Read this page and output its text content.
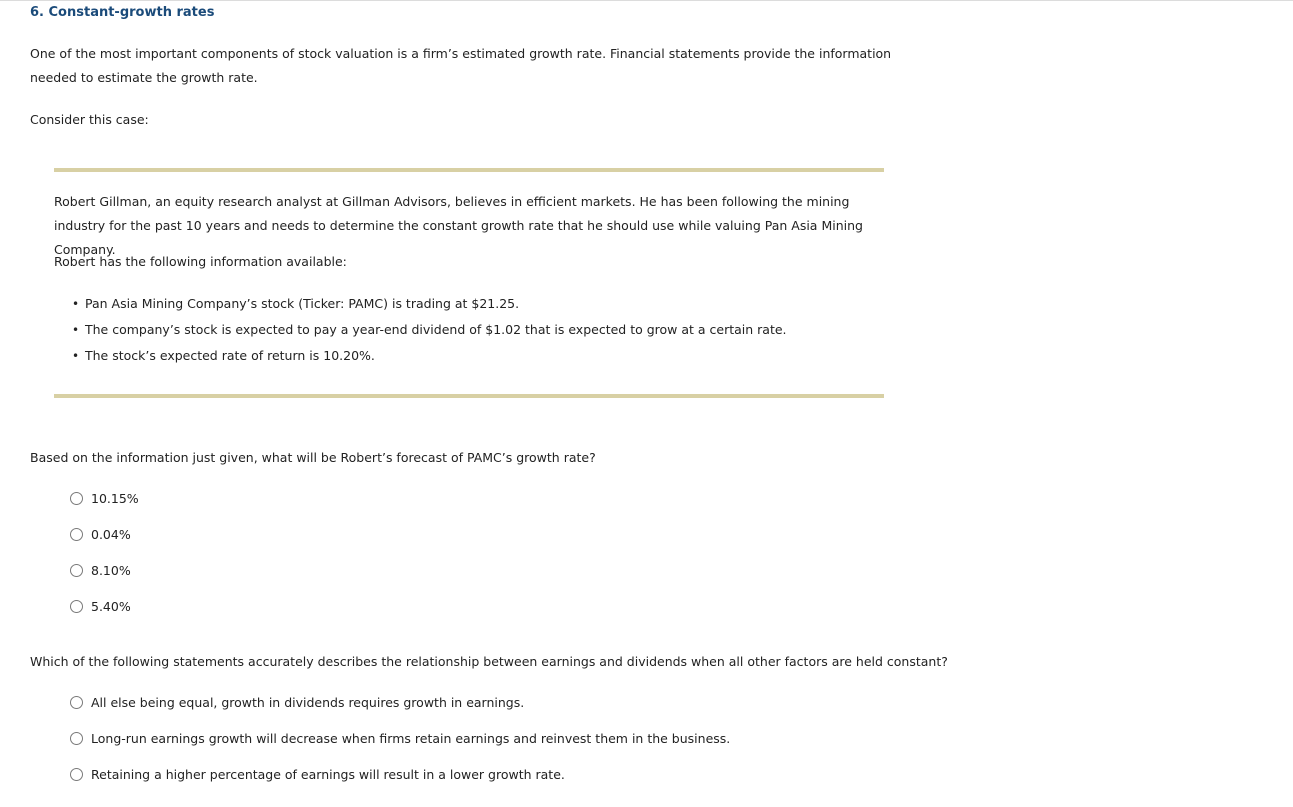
6. Constant-growth rates
One of the most important components of stock valuation is a firm’s estimated growth rate. Financial statements provide the information needed to estimate the growth rate.
Consider this case:
Robert Gillman, an equity research analyst at Gillman Advisors, believes in efficient markets. He has been following the mining industry for the past 10 years and needs to determine the constant growth rate that he should use while valuing Pan Asia Mining Company.
Robert has the following information available:
• Pan Asia Mining Company’s stock (Ticker: PAMC) is trading at $21.25.
• The company’s stock is expected to pay a year-end dividend of $1.02 that is expected to grow at a certain rate.
• The stock’s expected rate of return is 10.20%.
Based on the information just given, what will be Robert’s forecast of PAMC’s growth rate?
10.15%
0.04%
8.10%
5.40%
Which of the following statements accurately describes the relationship between earnings and dividends when all other factors are held constant?
All else being equal, growth in dividends requires growth in earnings.
Long-run earnings growth will decrease when firms retain earnings and reinvest them in the business.
Retaining a higher percentage of earnings will result in a lower growth rate.
